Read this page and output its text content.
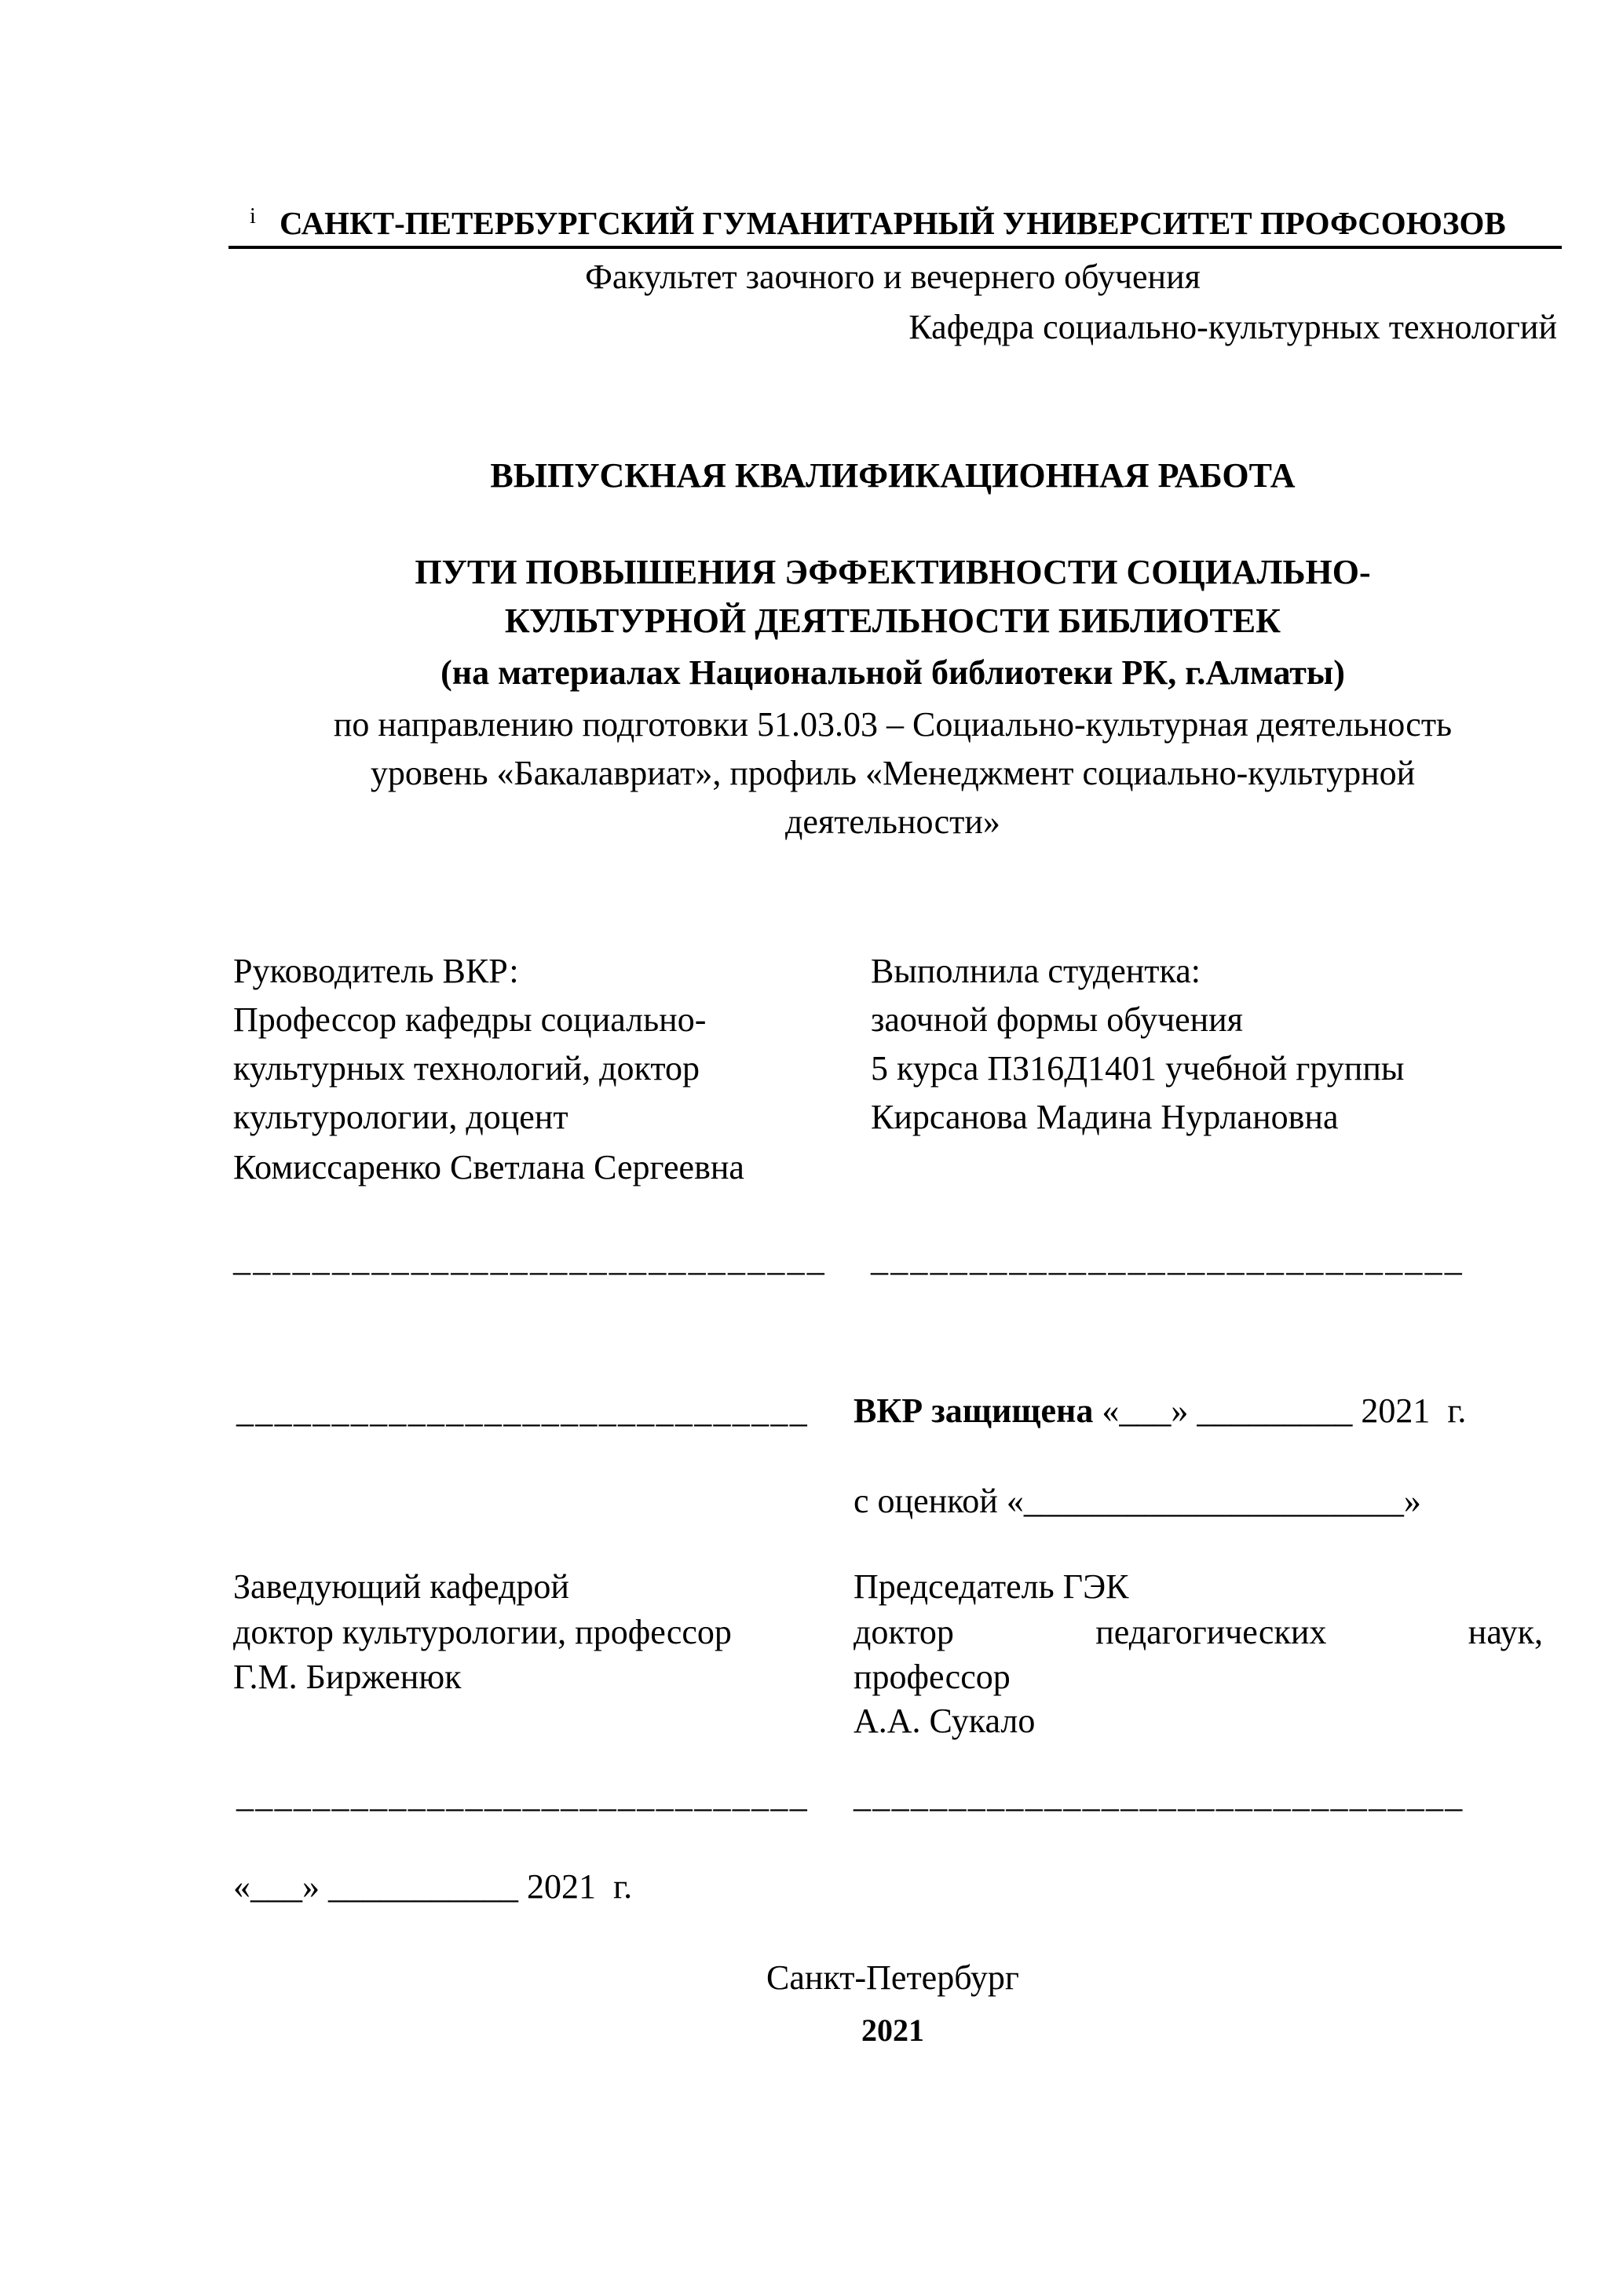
i САНКТ-ПЕТЕРБУРГСКИЙ ГУМАНИТАРНЫЙ УНИВЕРСИТЕТ ПРОФСОЮЗОВ
Факультет заочного и вечернего обучения
Кафедра социально-культурных технологий
ВЫПУСКНАЯ КВАЛИФИКАЦИОННАЯ РАБОТА
ПУТИ ПОВЫШЕНИЯ ЭФФЕКТИВНОСТИ СОЦИАЛЬНО-
КУЛЬТУРНОЙ ДЕЯТЕЛЬНОСТИ БИБЛИОТЕК
(на материалах Национальной библиотеки РК, г.Алматы)
по направлению подготовки 51.03.03 – Социально-культурная деятельность
уровень «Бакалавриат», профиль «Менеджмент социально-культурной
деятельности»
Руководитель ВКР:
Профессор кафедры социально-
культурных технологий, доктор
культурологии, доцент
Комиссаренко Светлана Сергеевна
Выполнила студентка:
заочной формы обучения
5 курса ПЗ16Д1401 учебной группы
Кирсанова Мадина Нурлановна
______________________________ ______________________________
______________________________ ВКР защищена «___» _________ 2021  г.
с оценкой «______________________»
Заведующий кафедрой
доктор культурологии, профессор
Г.М. Бирженюк
Председатель ГЭК
доктор	педагогических	наук,
профессор
А.А. Сукало
______________________________ ________________________________
«___» ___________ 2021  г.
Санкт-Петербург
2021
